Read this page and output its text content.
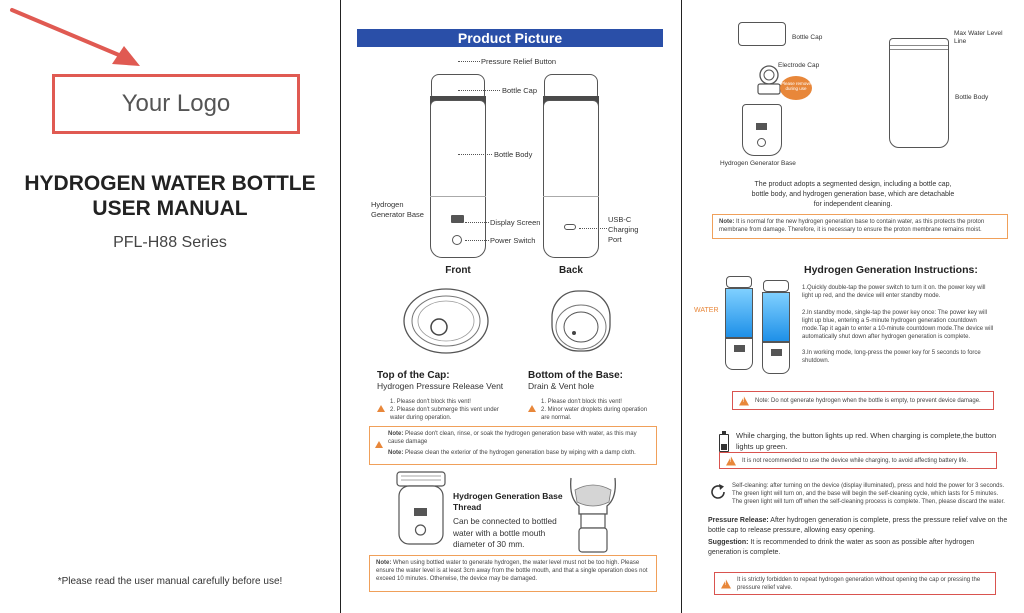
Your Logo
HYDROGEN WATER BOTTLE
USER MANUAL
PFL-H88 Series
*Please read the user manual carefully before use!
Product Picture
Pressure Relief Button
Bottle Cap
Bottle Body
Hydrogen Generator Base
Display Screen
Power Switch
USB-C Charging Port
Front	Back
Top of the Cap:
Hydrogen Pressure Release Vent
1. Please don't block this vent!
2. Please don't submerge this vent under water during operation.
Bottom of the Base:
Drain & Vent hole
1. Please don't block this vent!
2. Minor water droplets during operation are normal.
Note: Please don't clean, rinse, or soak the hydrogen generation base with water, as this may cause damage
Note: Please clean the exterior of the hydrogen generation base by wiping with a damp cloth.
Hydrogen Generation Base Thread
Can be connected to bottled water with a bottle mouth diameter of 30 mm.
Note: When using bottled water to generate hydrogen, the water level must not be too high. Please ensure the water level is at least 3cm away from the bottle mouth, and that a single operation does not exceed 10 minutes. Otherwise, the device may be damaged.
Bottle Cap
Electrode Cap
Please remove during use
Hydrogen Generator Base
Max Water Level Line
Bottle Body
The product adopts a segmented design, including a bottle cap, bottle body, and hydrogen generation base, which are detachable for independent cleaning.
Note: It is normal for the new hydrogen generation base to contain water, as this protects the proton membrane from damage. Therefore, it is necessary to ensure the proton membrane remains moist.
WATER
Hydrogen Generation Instructions:
1.Quickly double-tap the power switch to turn it on. the power key will light up red, and the device will enter standby mode.
2.In standby mode, single-tap the power key once: The power key will light up blue, entering a 5-minute hydrogen generation countdown mode.Tap it again to enter a 10-minute countdown mode.The device will automatically shut down after hydrogen generation is complete.
3.In working mode, long-press the power key for 5 seconds to force shutdown.
!
Note: Do not generate hydrogen when the bottle is empty, to prevent device damage.
While charging, the button lights up red. When charging is complete,the button lights up green.
!
It is not recommended to use the device while charging, to avoid affecting battery life.
Self-cleaning: after turning on the device (display illuminated), press and hold the power for 3 seconds. The green light will turn on, and the base will begin the self-cleaning cycle, which lasts for 5 minutes. The green light will turn off when the self-cleaning process is complete. Then, please discard the water.
Pressure Release: After hydrogen generation is complete, press the pressure relief valve on the bottle cap to release pressure, allowing easy opening.
Suggestion: It is recommended to drink the water as soon as possible after hydrogen generation is complete.
!
It is strictly forbidden to repeat hydrogen generation without opening the cap or pressing the pressure relief valve.
